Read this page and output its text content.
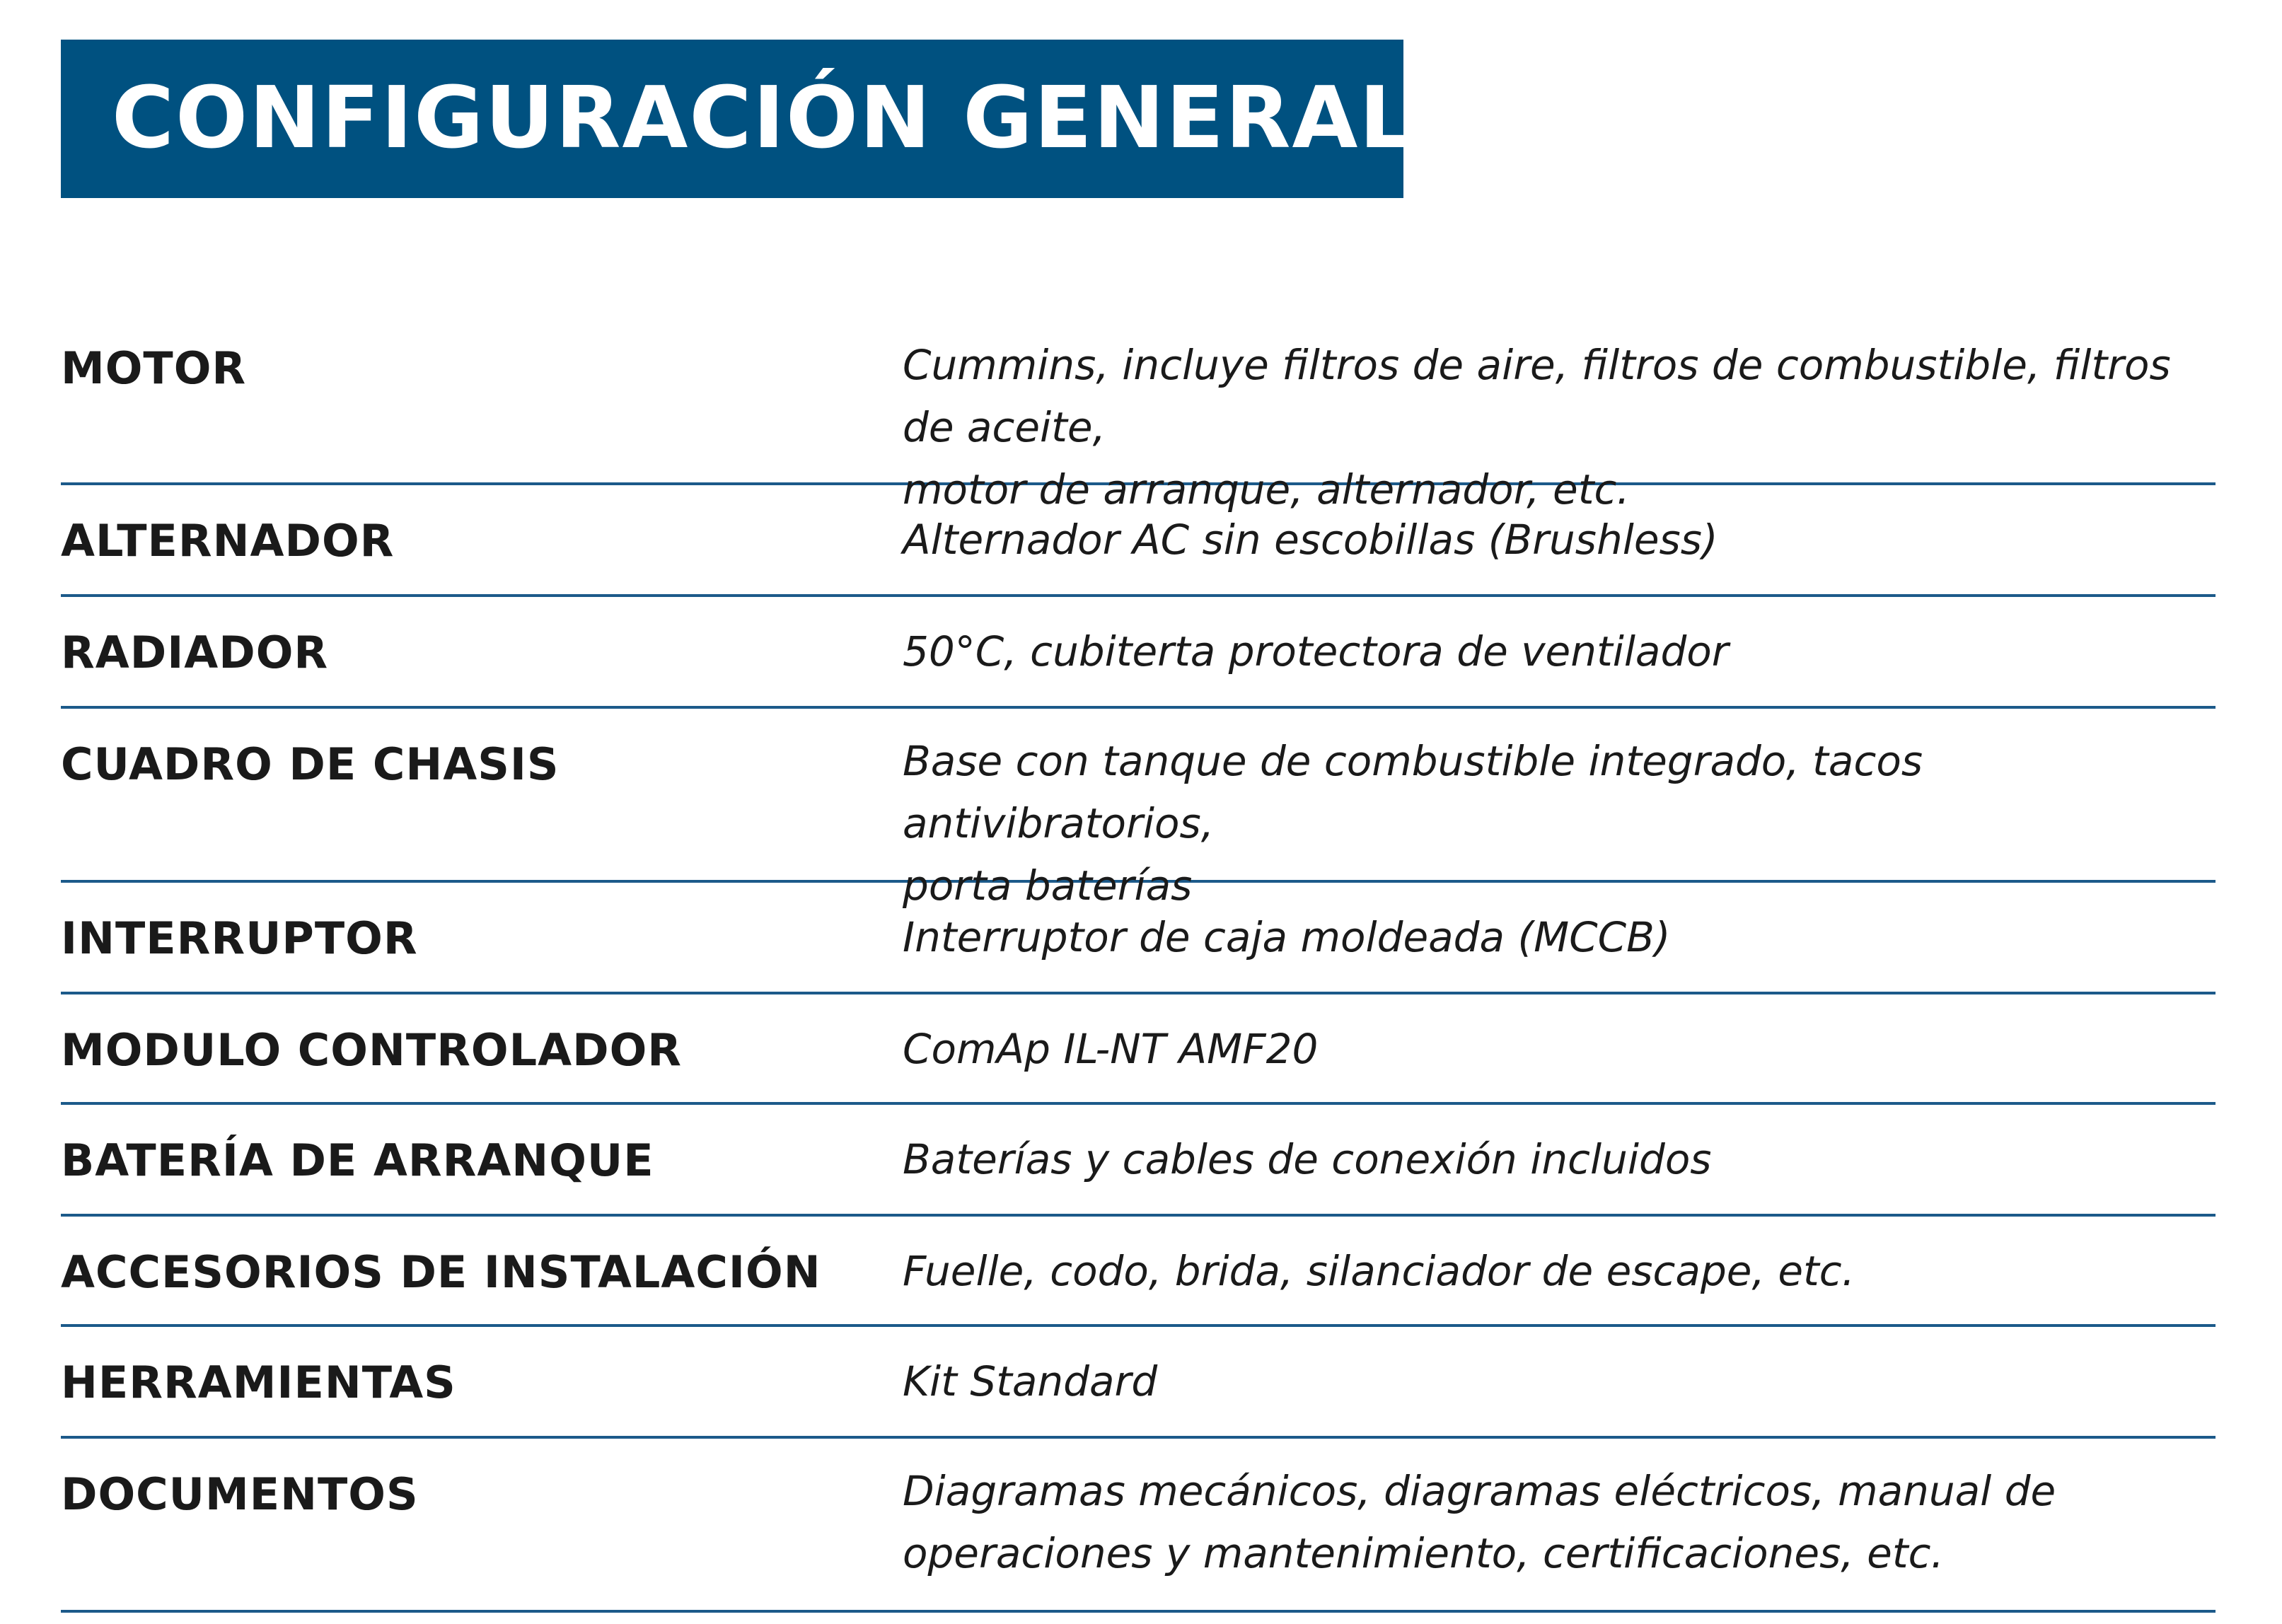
CONFIGURACIÓN GENERAL
MOTOR	Cummins, incluye filtros de aire, filtros de combustible, filtros de aceite,
motor de arranque, alternador, etc.
ALTERNADOR	Alternador AC sin escobillas (Brushless)
RADIADOR	50°C, cubiterta protectora de ventilador
CUADRO DE CHASIS	Base con tanque de combustible integrado, tacos antivibratorios,
porta baterías
INTERRUPTOR	Interruptor de caja moldeada (MCCB)
MODULO CONTROLADOR	ComAp IL-NT AMF20
BATERÍA DE ARRANQUE	Baterías y cables de conexión incluidos
ACCESORIOS DE INSTALACIÓN Fuelle, codo, brida, silanciador de escape, etc.
HERRAMIENTAS	Kit Standard
DOCUMENTOS	Diagramas mecánicos, diagramas eléctricos, manual de
operaciones y mantenimiento, certificaciones, etc.
